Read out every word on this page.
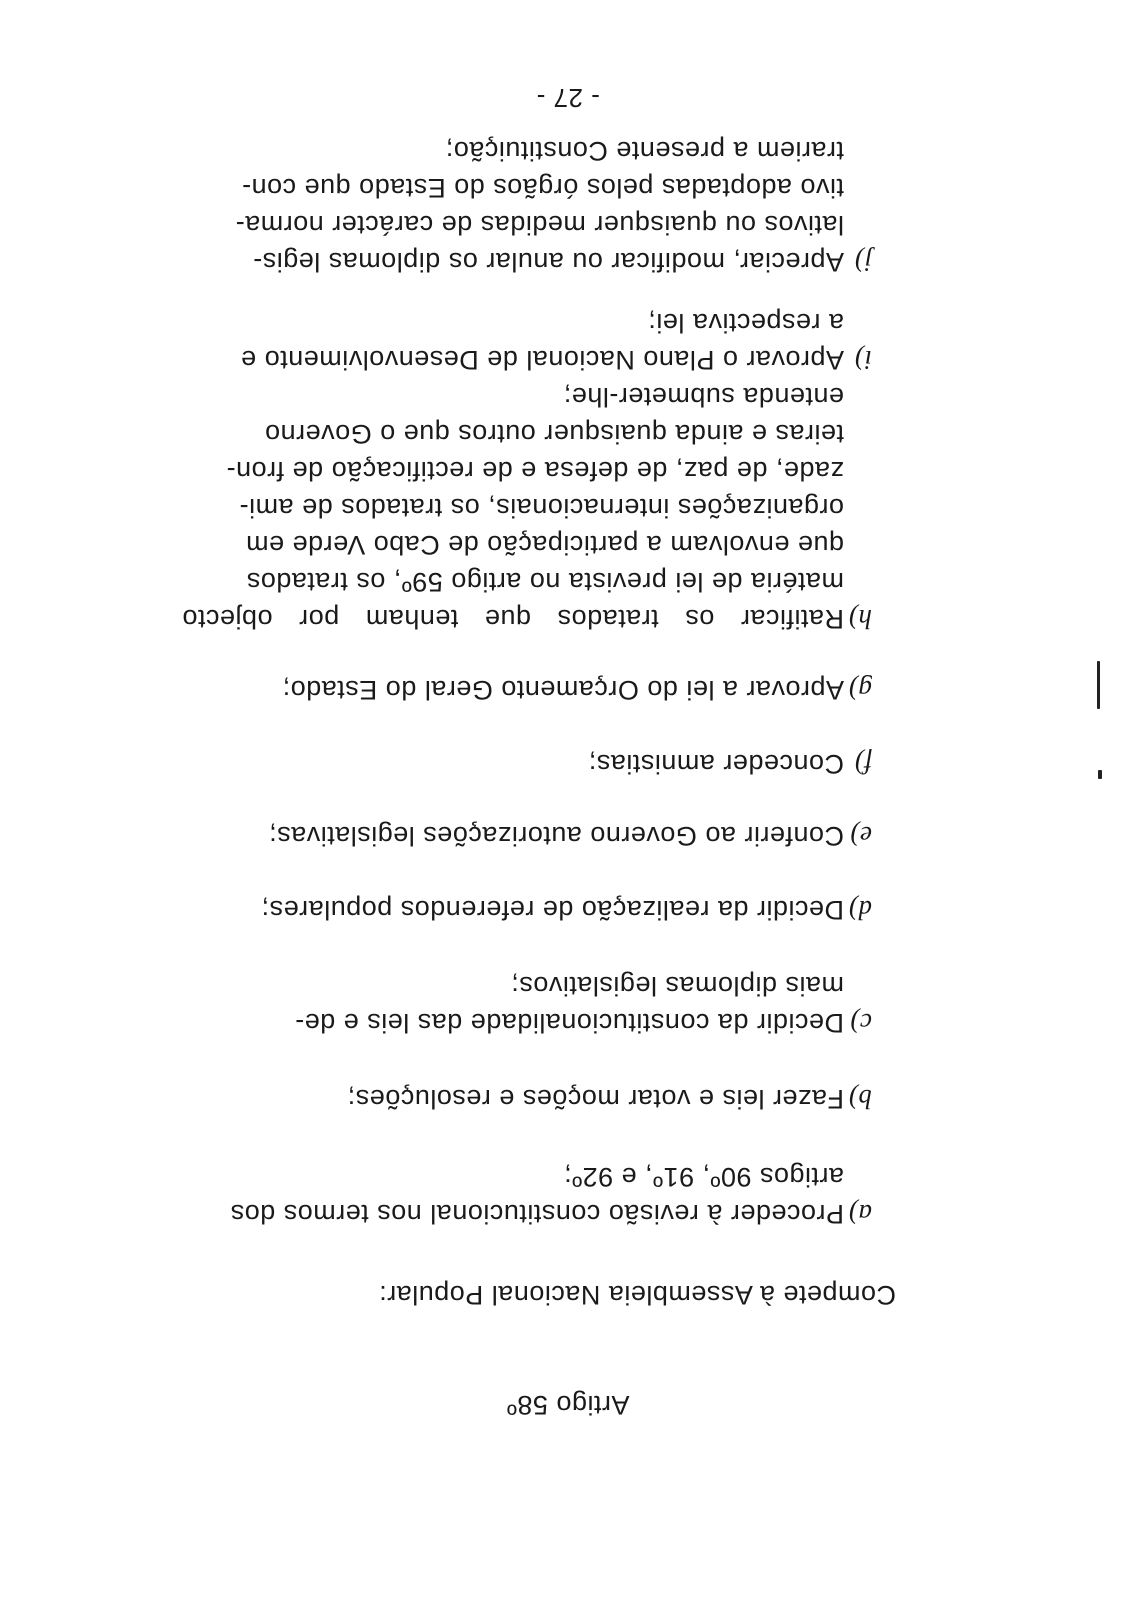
Artigo 58º
Compete à Assembleia Nacional Popular:
a)Proceder à revisão constitucional nos termos dos
artigos 90º, 91º, e 92º;
b)Fazer leis e votar moções e resoluções;
c)Decidir da constitucionalidade das leis e de-
mais diplomas legislativos;
d)Decidir da realização de referendos populares;
e)Conferir ao Governo autorizações legislativas;
f)Conceder amnistias;
g)Aprovar a lei do Orçamento Geral do Estado;
h)Ratificar os tratados que tenham por objecto
matéria de lei prevista no artigo 59º, os tratados
que envolvam a participação de Cabo Verde em
organizações internacionais, os tratados de ami-
zade, de paz, de defesa e de rectificação de fron-
teiras e ainda quaisquer outros que o Governo
entenda submeter-lhe;
i)Aprovar o Plano Nacional de Desenvolvimento e
a respectiva lei;
j)Apreciar, modificar ou anular os diplomas legis-
lativos ou quaisquer medidas de carácter norma-
tivo adoptadas pelos órgãos do Estado que con-
trariem a presente Constituição;
- 27 -
